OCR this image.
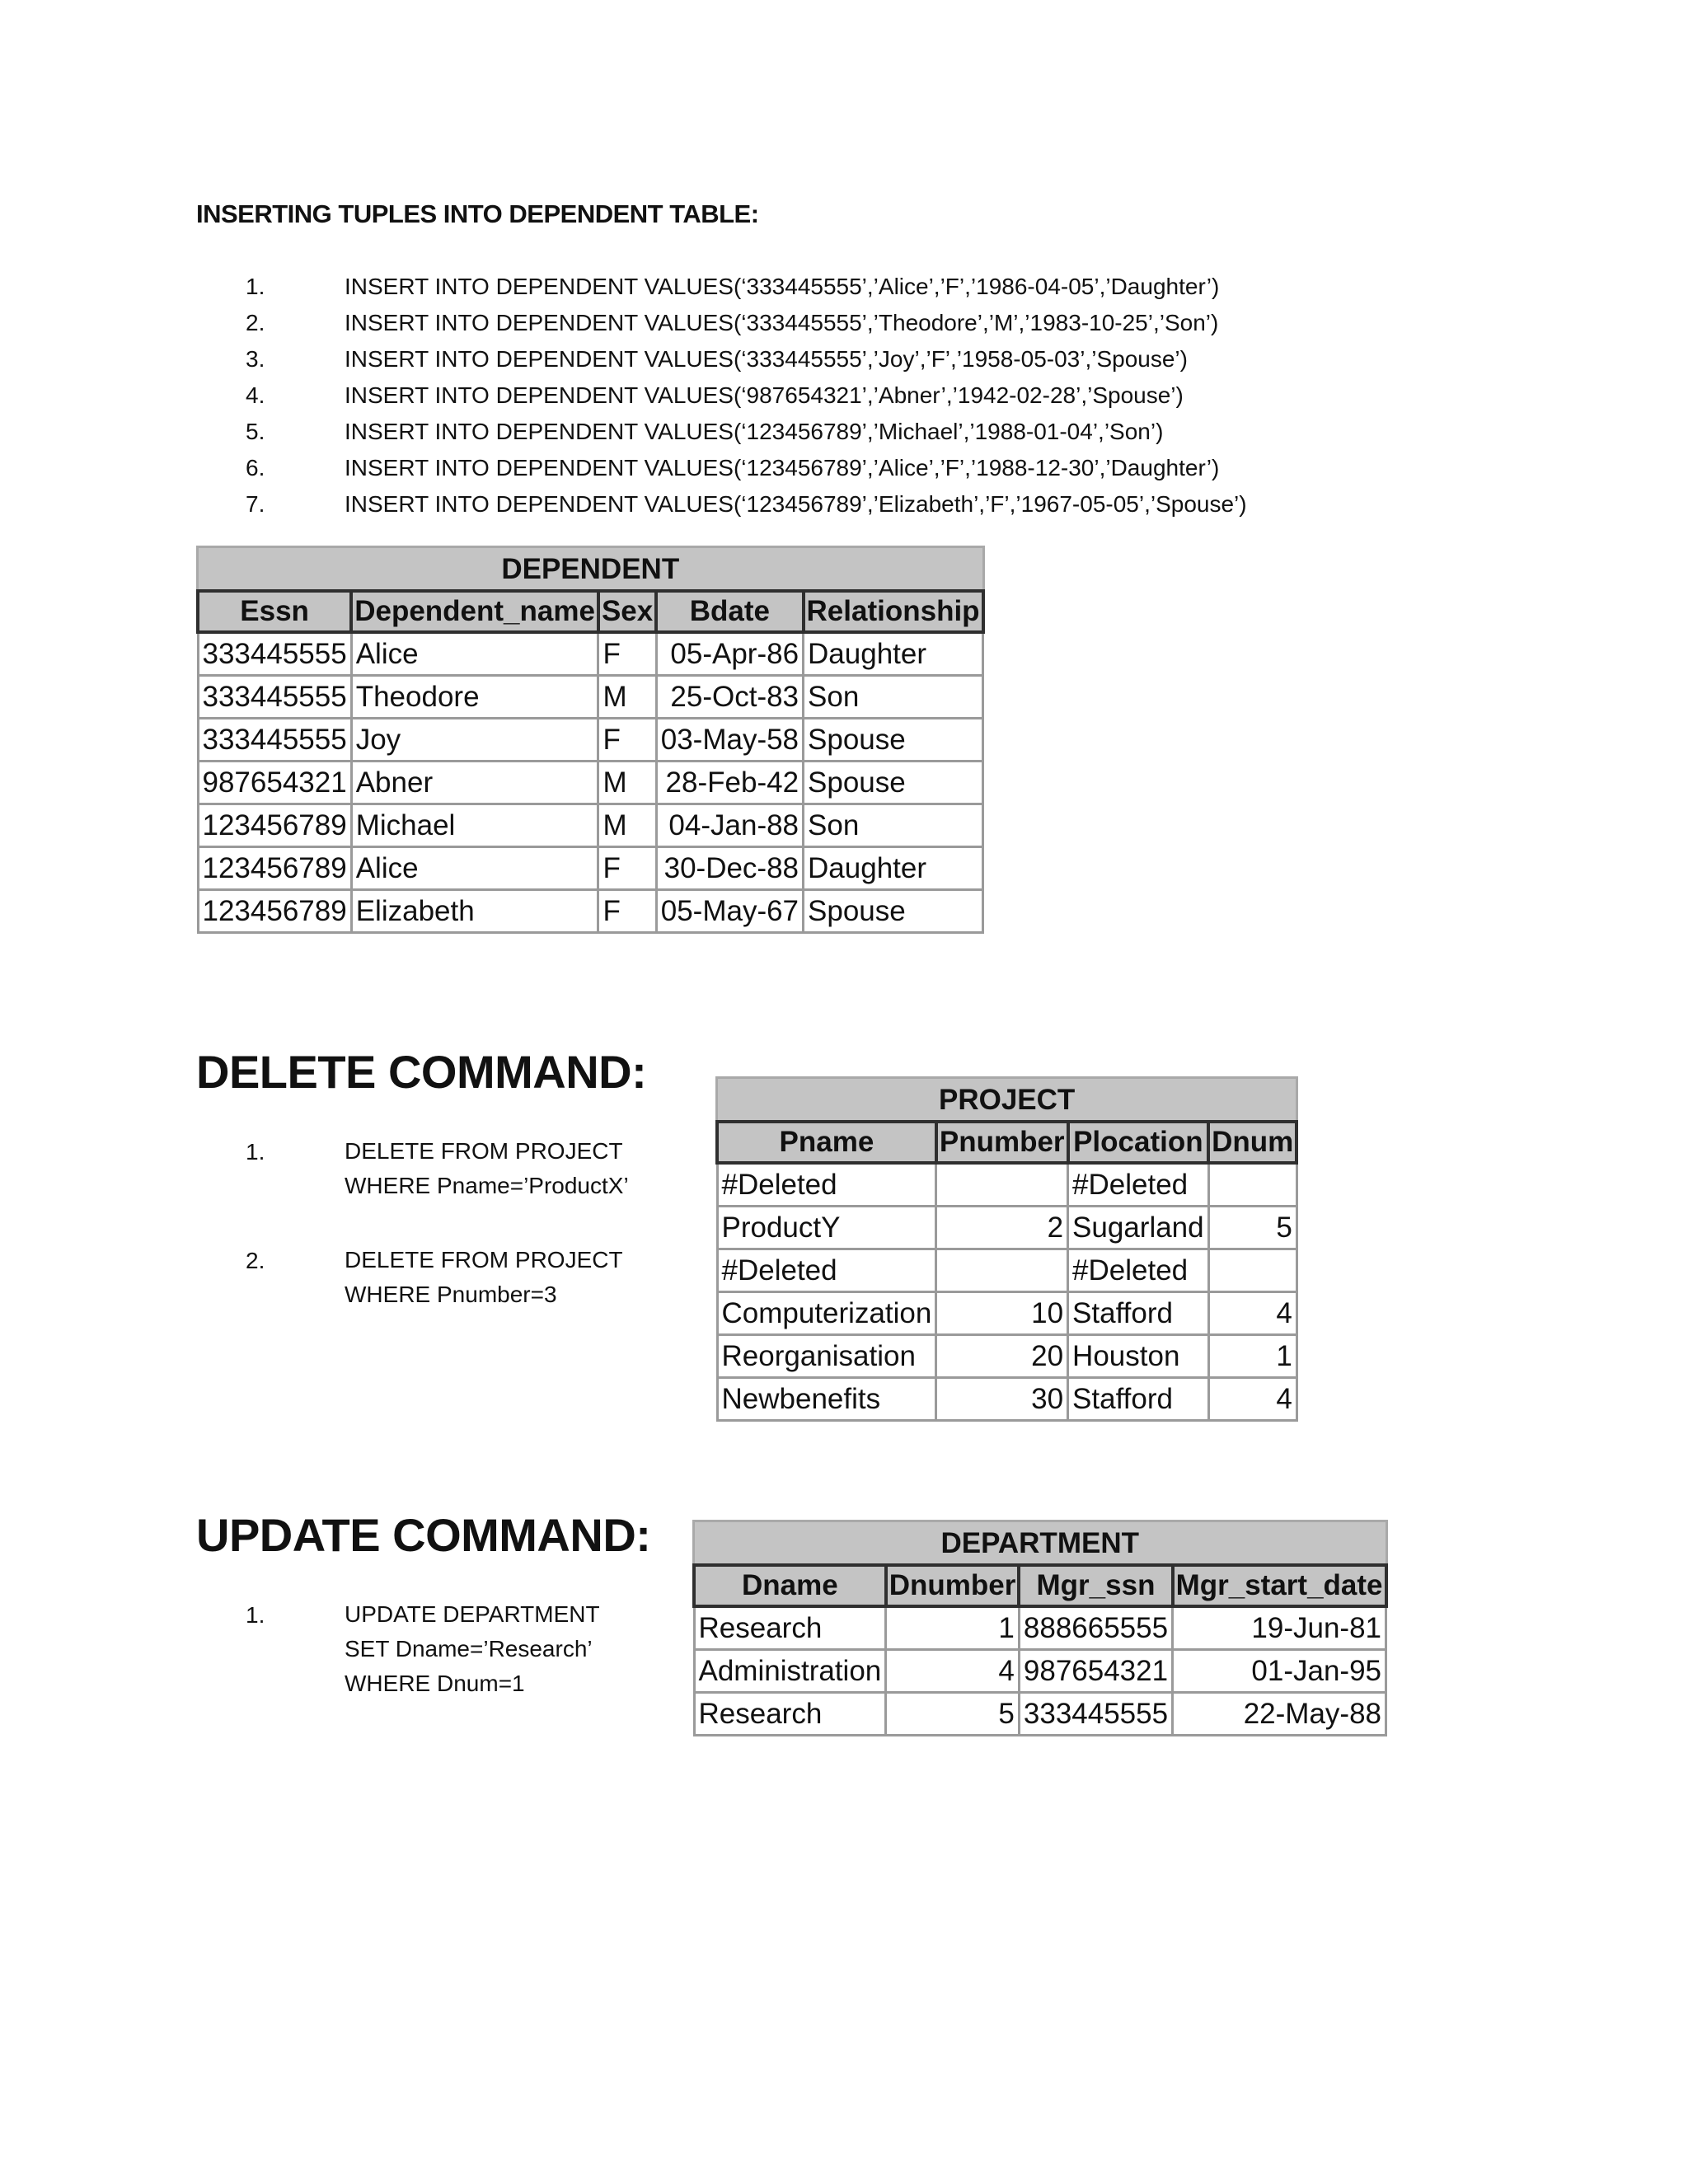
INSERTING TUPLES INTO DEPENDENT TABLE:
1.	INSERT INTO DEPENDENT VALUES(‘333445555’,’Alice’,’F’,’1986-04-05’,’Daughter’)
2.	INSERT INTO DEPENDENT VALUES(‘333445555’,’Theodore’,’M’,’1983-10-25’,’Son’)
3.	INSERT INTO DEPENDENT VALUES(‘333445555’,’Joy’,’F’,’1958-05-03’,’Spouse’)
4.	INSERT INTO DEPENDENT VALUES(‘987654321’,’Abner’,’1942-02-28’,’Spouse’)
5.	INSERT INTO DEPENDENT VALUES(‘123456789’,’Michael’,’1988-01-04’,’Son’)
6.	INSERT INTO DEPENDENT VALUES(‘123456789’,’Alice’,’F’,’1988-12-30’,’Daughter’)
7.	INSERT INTO DEPENDENT VALUES(‘123456789’,’Elizabeth’,’F’,’1967-05-05’,’Spouse’)
DEPENDENT
Essn	Dependent_name	Sex	Bdate	Relationship
333445555	Alice	F	05-Apr-86	Daughter
333445555	Theodore	M	25-Oct-83	Son
333445555	Joy	F	03-May-58	Spouse
987654321	Abner	M	28-Feb-42	Spouse
123456789	Michael	M	04-Jan-88	Son
123456789	Alice	F	30-Dec-88	Daughter
123456789	Elizabeth	F	05-May-67	Spouse
DELETE COMMAND:
1.	DELETE FROM PROJECT
WHERE Pname=’ProductX’
2.	DELETE FROM PROJECT
WHERE Pnumber=3
PROJECT
Pname	Pnumber	Plocation	Dnum
#Deleted		#Deleted	
ProductY	2	Sugarland	5
#Deleted		#Deleted	
Computerization	10	Stafford	4
Reorganisation	20	Houston	1
Newbenefits	30	Stafford	4
UPDATE COMMAND:
1.	UPDATE DEPARTMENT
SET Dname=’Research’
WHERE Dnum=1
DEPARTMENT
Dname	Dnumber	Mgr_ssn	Mgr_start_date
Research	1	888665555	19-Jun-81
Administration	4	987654321	01-Jan-95
Research	5	333445555	22-May-88
